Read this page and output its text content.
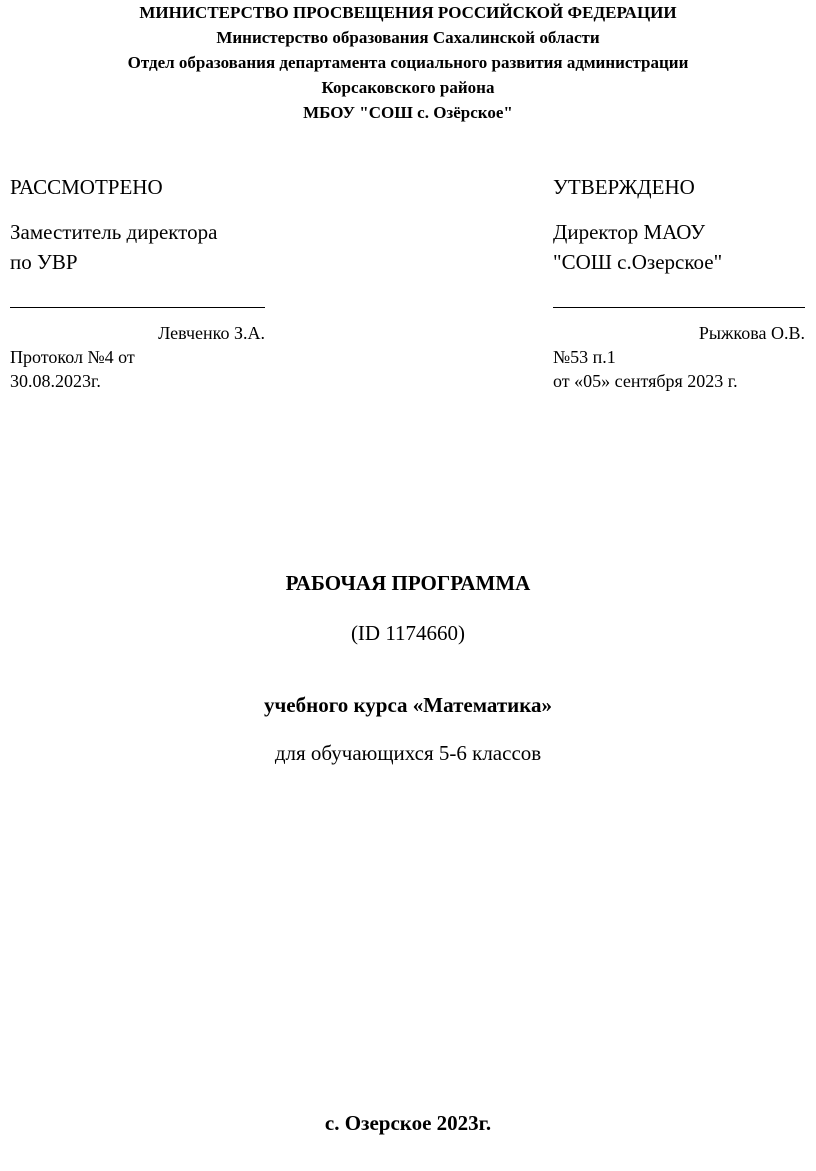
МИНИСТЕРСТВО ПРОСВЕЩЕНИЯ РОССИЙСКОЙ ФЕДЕРАЦИИ
Министерство образования Сахалинской области
Отдел образования департамента социального развития администрации
Корсаковского района
МБОУ "СОШ с. Озёрское"
РАССМОТРЕНО
Заместитель директора
по УВР
Левченко З.А.
Протокол №4 от
30.08.2023г.
УТВЕРЖДЕНО
Директор МАОУ
"СОШ с.Озерское"
Рыжкова О.В.
№53 п.1
от «05» сентября 2023 г.
РАБОЧАЯ ПРОГРАММА
(ID 1174660)
учебного курса «Математика»
для обучающихся 5-6 классов
с. Озерское 2023г.
